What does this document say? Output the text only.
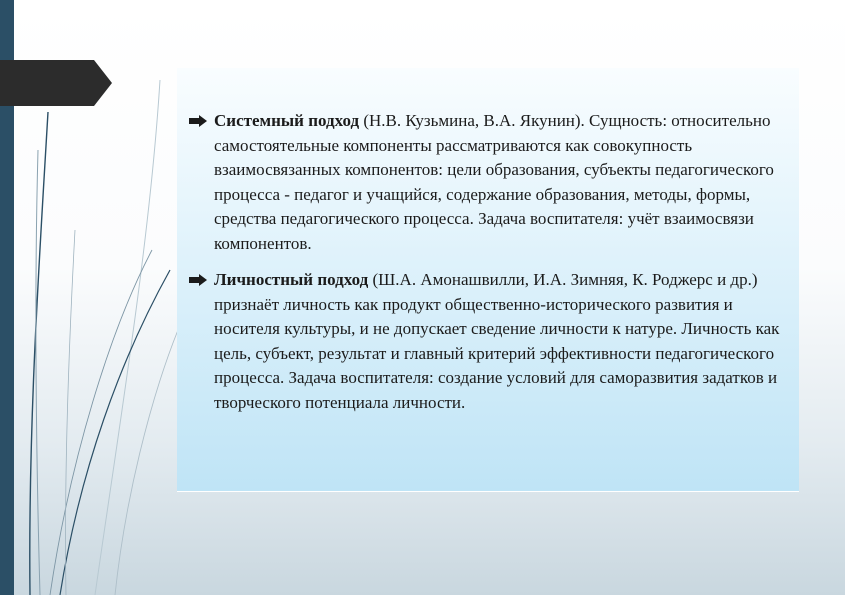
Системный подход (Н.В. Кузьмина, В.А. Якунин). Сущность: относительно самостоятельные компоненты рассматриваются как совокупность взаимосвязанных компонентов: цели образования, субъекты педагогического процесса - педагог и учащийся, содержание образования, методы, формы, средства педагогического процесса. Задача воспитателя: учёт взаимосвязи компонентов.
Личностный подход (Ш.А. Амонашвилли, И.А. Зимняя, К. Роджерс и др.) признаёт личность как продукт общественно-исторического развития и носителя культуры, и не допускает сведение личности к натуре. Личность как цель, субъект, результат и главный критерий эффективности педагогического процесса. Задача воспитателя: создание условий для саморазвития задатков и творческого потенциала личности.
